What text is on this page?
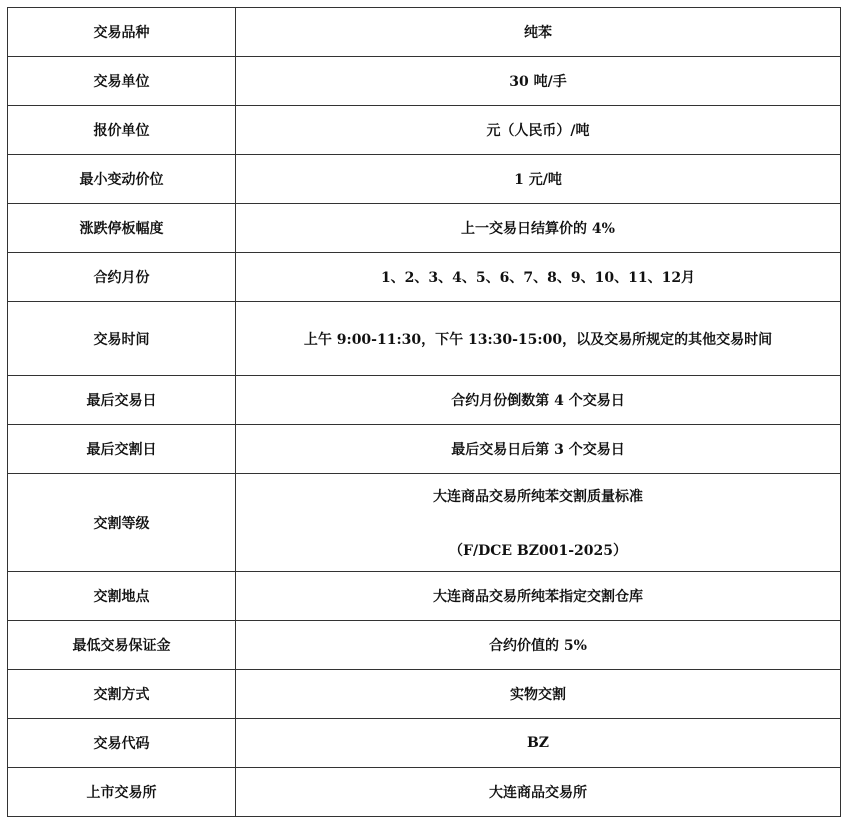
交易品种	纯苯
交易单位	30 吨/手
报价单位	元（人民币）/吨
最小变动价位	1 元/吨
涨跌停板幅度	上一交易日结算价的 4%
合约月份	1、2、3、4、5、6、7、8、9、10、11、12月
交易时间	上午 9:00-11:30，下午 13:30-15:00，以及交易所规定的其他交易时间
最后交易日	合约月份倒数第 4 个交易日
最后交割日	最后交易日后第 3 个交易日
交割等级	大连商品交易所纯苯交割质量标准
（F/DCE BZ001-2025）

交割地点	大连商品交易所纯苯指定交割仓库
最低交易保证金	合约价值的 5%
交割方式	实物交割
交易代码	BZ
上市交易所	大连商品交易所
